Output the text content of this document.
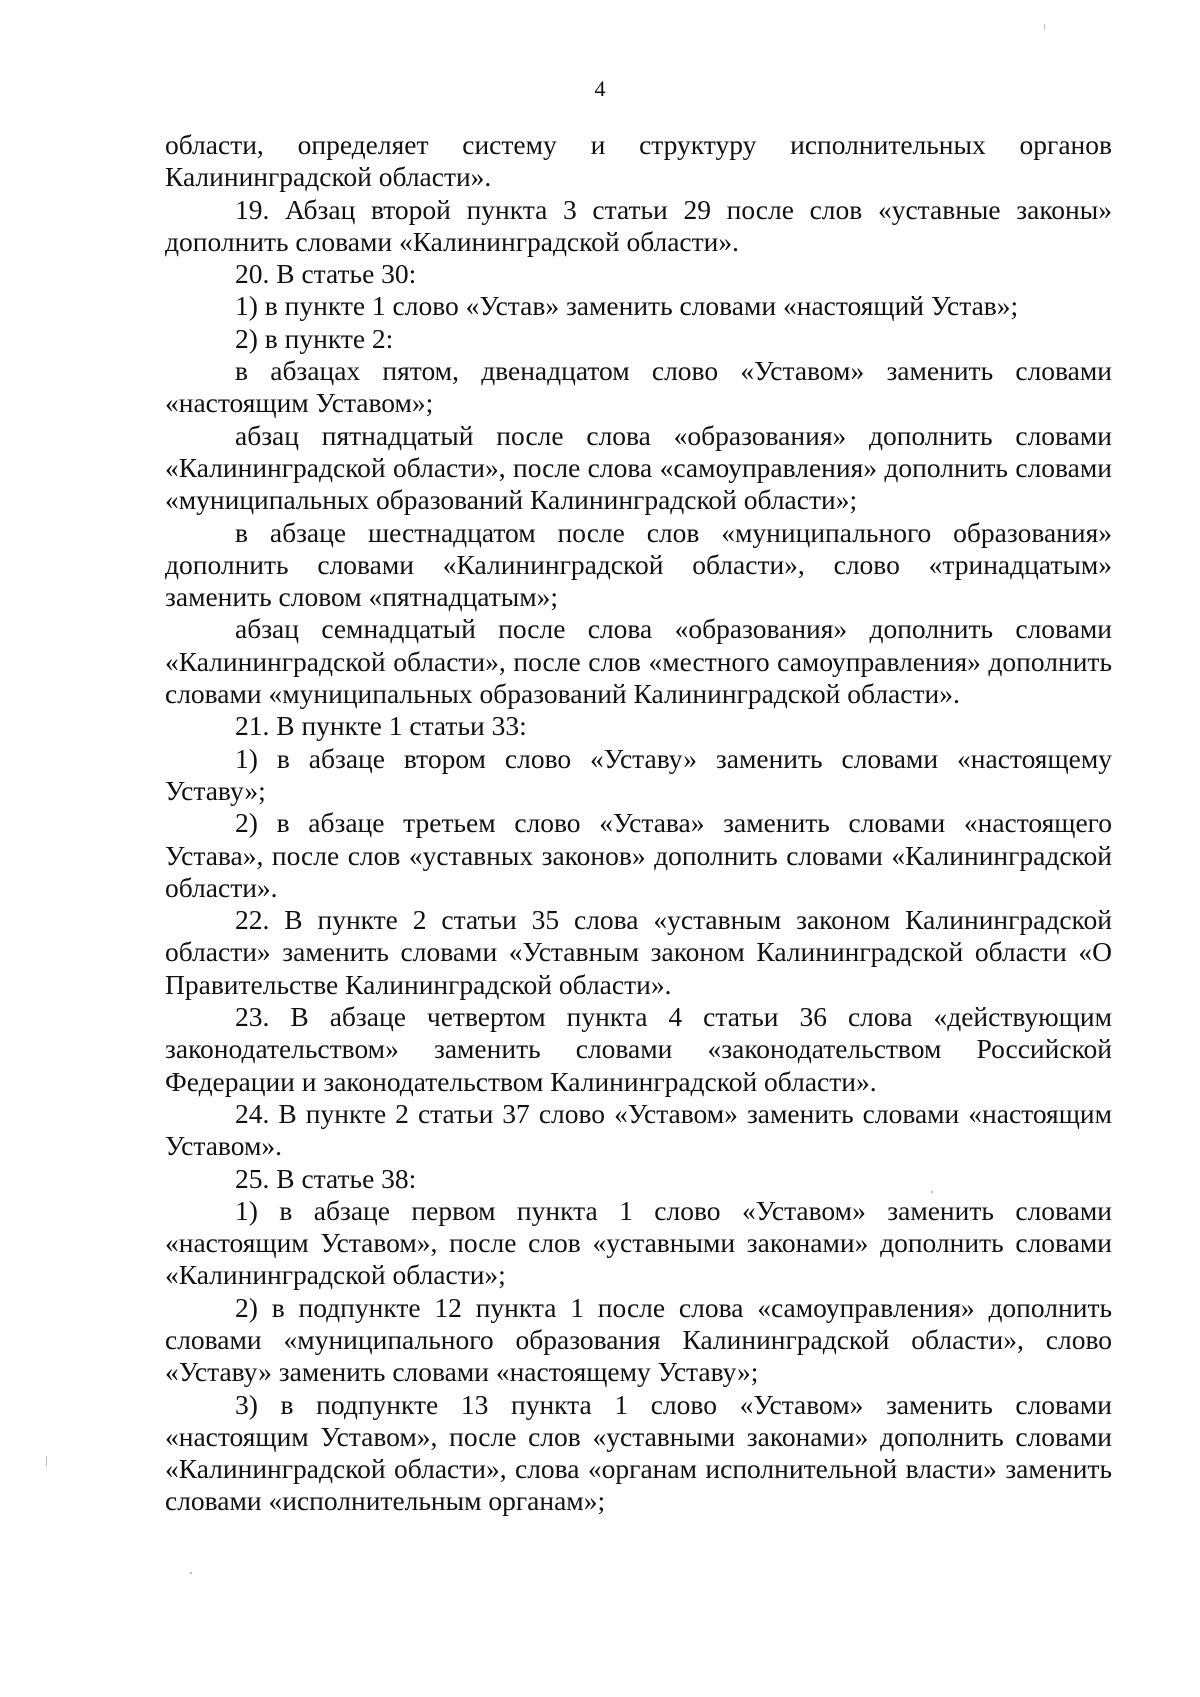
4

области, определяет систему и структуру исполнительных органов Калининградской области».

19. Абзац второй пункта 3 статьи 29 после слов «уставные законы» дополнить словами «Калининградской области».

20. В статье 30:

1) в пункте 1 слово «Устав» заменить словами «настоящий Устав»;

2) в пункте 2:

в абзацах пятом, двенадцатом слово «Уставом» заменить словами «настоящим Уставом»;

абзац пятнадцатый после слова «образования» дополнить словами «Калининградской области», после слова «самоуправления» дополнить словами «муниципальных образований Калининградской области»;

в абзаце шестнадцатом после слов «муниципального образования» дополнить словами «Калининградской области», слово «тринадцатым» заменить словом «пятнадцатым»;

абзац семнадцатый после слова «образования» дополнить словами «Калининградской области», после слов «местного самоуправления» дополнить словами «муниципальных образований Калининградской области».

21. В пункте 1 статьи 33:

1) в абзаце втором слово «Уставу» заменить словами «настоящему Уставу»;

2) в абзаце третьем слово «Устава» заменить словами «настоящего Устава», после слов «уставных законов» дополнить словами «Калининградской области».

22. В пункте 2 статьи 35 слова «уставным законом Калининградской области» заменить словами «Уставным законом Калининградской области «О Правительстве Калининградской области».

23. В абзаце четвертом пункта 4 статьи 36 слова «действующим законодательством» заменить словами «законодательством Российской Федерации и законодательством Калининградской области».

24. В пункте 2 статьи 37 слово «Уставом» заменить словами «настоящим Уставом».

25. В статье 38:

1) в абзаце первом пункта 1 слово «Уставом» заменить словами «настоящим Уставом», после слов «уставными законами» дополнить словами «Калининградской области»;

2) в подпункте 12 пункта 1 после слова «самоуправления» дополнить словами «муниципального образования Калининградской области», слово «Уставу» заменить словами «настоящему Уставу»;

3) в подпункте 13 пункта 1 слово «Уставом» заменить словами «настоящим Уставом», после слов «уставными законами» дополнить словами «Калининградской области», слова «органам исполнительной власти» заменить словами «исполнительным органам»;
